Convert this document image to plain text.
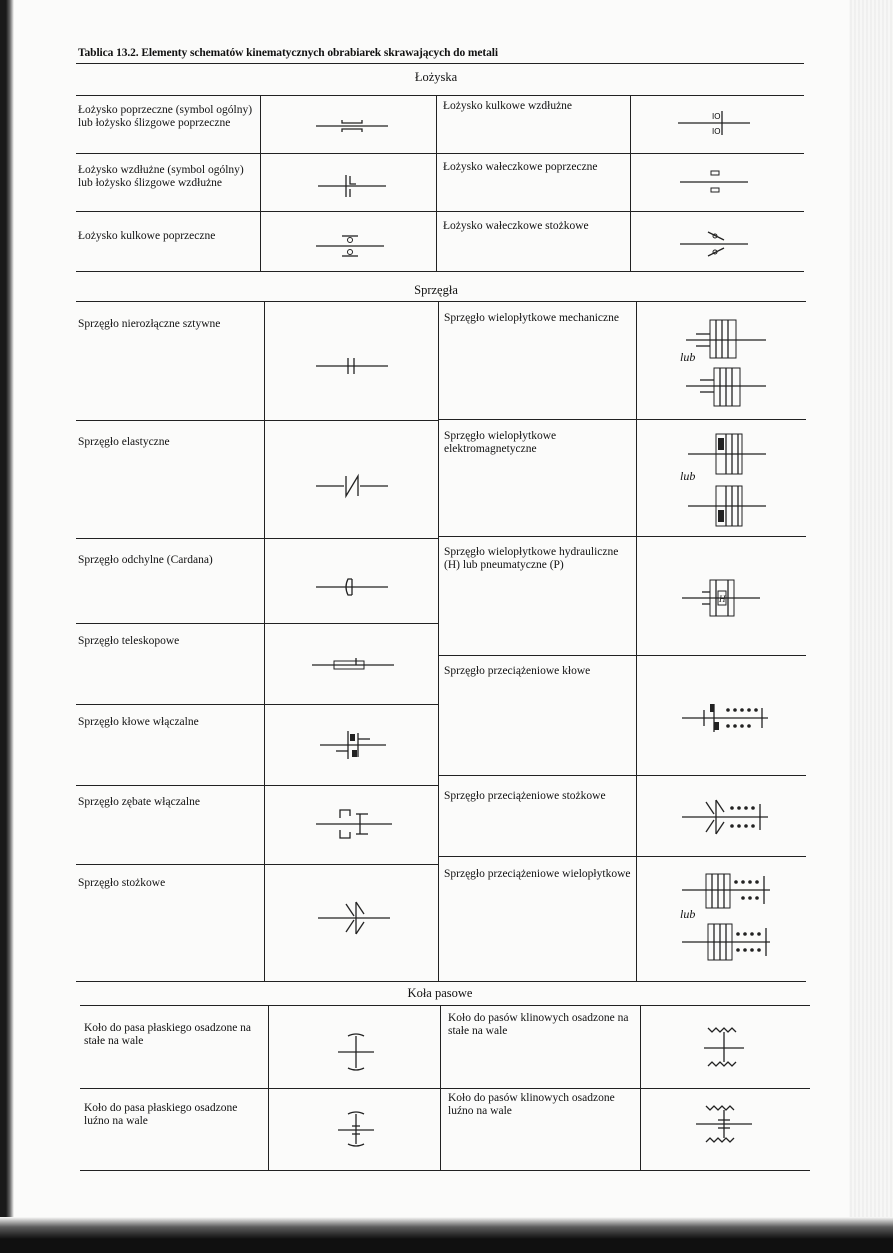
Tablica 13.2. Elementy schematów kinematycznych obrabiarek skrawających do metali
Łożyska
Łożysko poprzeczne (symbol ogólny) lub łożysko ślizgowe poprzeczne
Łożysko kulkowe wzdłużne
Łożysko wzdłużne (symbol ogólny) lub łożysko ślizgowe wzdłużne
Łożysko wałeczkowe poprzeczne
Łożysko kulkowe poprzeczne
Łożysko wałeczkowe stożkowe
IO
IO
Sprzęgła
Sprzęgło nierozłączne sztywne	Sprzęgło wielopłytkowe mechaniczne
Sprzęgło elastyczne	Sprzęgło wielopłytkowe elektromagnetyczne
Sprzęgło odchylne (Cardana)
Sprzęgło wielopłytkowe hydrauliczne (H) lub pneumatyczne (P)
Sprzęgło teleskopowe
Sprzęgło przeciążeniowe kłowe
Sprzęgło kłowe włączalne
Sprzęgło przeciążeniowe stożkowe
Sprzęgło zębate włączalne
Sprzęgło przeciążeniowe wielopłytkowe
Sprzęgło stożkowe
lub
lub
lub
H
Koła pasowe
Koło do pasa płaskiego osadzone na stałe na wale
Koło do pasów klinowych osadzone na stałe na wale
Koło do pasa płaskiego osadzone luźno na wale
Koło do pasów klinowych osadzone luźno na wale
